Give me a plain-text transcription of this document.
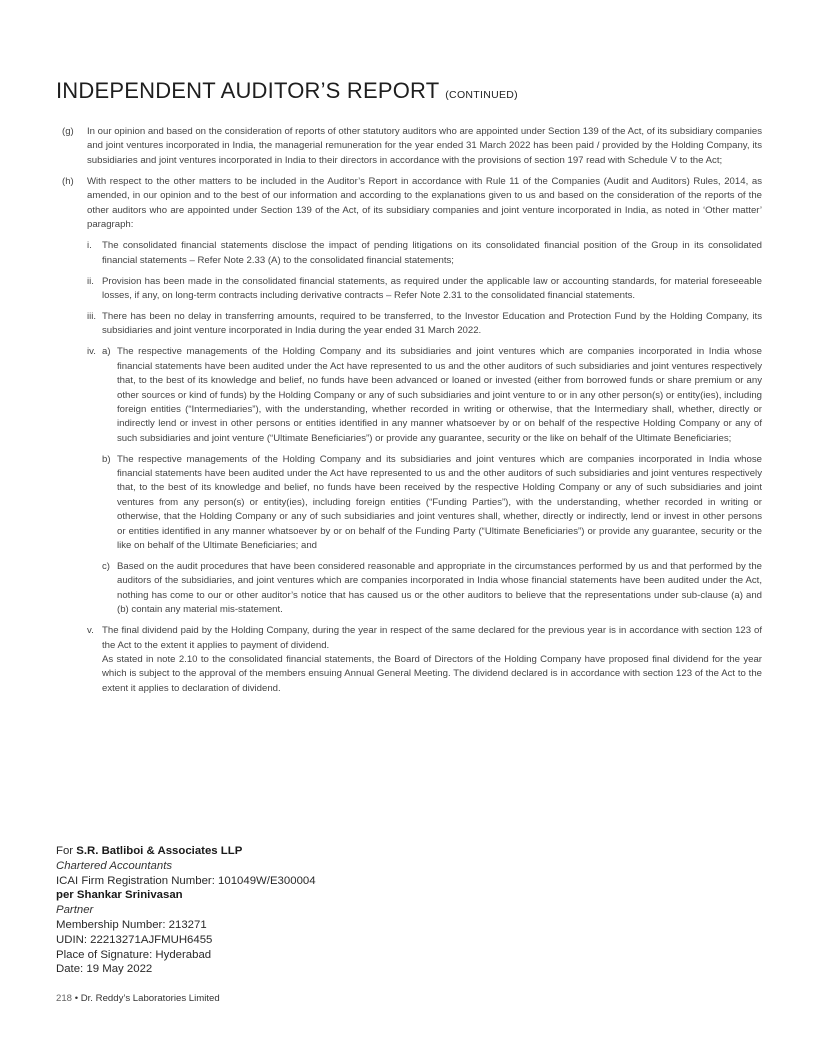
INDEPENDENT AUDITOR’S REPORT (CONTINUED)
(g)	In our opinion and based on the consideration of reports of other statutory auditors who are appointed under Section 139 of the Act, of its subsidiary companies and joint ventures incorporated in India, the managerial remuneration for the year ended 31 March 2022 has been paid / provided by the Holding Company, its subsidiaries and joint ventures incorporated in India to their directors in accordance with the provisions of section 197 read with Schedule V to the Act;

(h)	With respect to the other matters to be included in the Auditor’s Report in accordance with Rule 11 of the Companies (Audit and Auditors) Rules, 2014, as amended, in our opinion and to the best of our information and according to the explanations given to us and based on the consideration of the reports of the other auditors who are appointed under Section 139 of the Act, of its subsidiary companies and joint venture incorporated in India, as noted in ‘Other matter’ paragraph:

i.	The consolidated financial statements disclose the impact of pending litigations on its consolidated financial position of the Group in its consolidated financial statements – Refer Note 2.33 (A) to the consolidated financial statements;

ii. Provision has been made in the consolidated financial statements, as required under the applicable law or accounting standards, for material foreseeable losses, if any, on long-term contracts including derivative contracts – Refer Note 2.31 to the consolidated financial statements.

iii. There has been no delay in transferring amounts, required to be transferred, to the Investor Education and Protection Fund by the Holding Company, its subsidiaries and joint venture incorporated in India during the year ended 31 March 2022.

iv. a) The respective managements of the Holding Company and its subsidiaries and joint ventures which are companies incorporated in India whose financial statements have been audited under the Act have represented to us and the other auditors of such subsidiaries and joint ventures respectively that, to the best of its knowledge and belief, no funds have been advanced or loaned or invested (either from borrowed funds or share premium or any other sources or kind of funds) by the Holding Company or any of such subsidiaries and joint venture to or in any other person(s) or entity(ies), including foreign entities (“Intermediaries”), with the understanding, whether recorded in writing or otherwise, that the Intermediary shall, whether, directly or indirectly lend or invest in other persons or entities identified in any manner whatsoever by or on behalf of the respective Holding Company or any of such subsidiaries and joint venture (“Ultimate Beneficiaries”) or provide any guarantee, security or the like on behalf of the Ultimate Beneficiaries;

b) The respective managements of the Holding Company and its subsidiaries and joint ventures which are companies incorporated in India whose financial statements have been audited under the Act have represented to us and the other auditors of such subsidiaries and joint ventures respectively that, to the best of its knowledge and belief, no funds have been received by the respective Holding Company or any of such subsidiaries and joint ventures from any person(s) or entity(ies), including foreign entities (“Funding Parties”), with the understanding, whether recorded in writing or otherwise, that the Holding Company or any of such subsidiaries and joint ventures shall, whether, directly or indirectly, lend or invest in other persons or entities identified in any manner whatsoever by or on behalf of the Funding Party (“Ultimate Beneficiaries”) or provide any guarantee, security or the like on behalf of the Ultimate Beneficiaries; and

c) Based on the audit procedures that have been considered reasonable and appropriate in the circumstances performed by us and that performed by the auditors of the subsidiaries, and joint ventures which are companies incorporated in India whose financial statements have been audited under the Act, nothing has come to our or other auditor’s notice that has caused us or the other auditors to believe that the representations under sub-clause (a) and (b) contain any material mis-statement.

v. The final dividend paid by the Holding Company, during the year in respect of the same declared for the previous year is in accordance with section 123 of the Act to the extent it applies to payment of dividend.

As stated in note 2.10 to the consolidated financial statements, the Board of Directors of the Holding Company have proposed final dividend for the year which is subject to the approval of the members ensuing Annual General Meeting. The dividend declared is in accordance with section 123 of the Act to the extent it applies to declaration of dividend.

For S.R. Batliboi & Associates LLP
Chartered Accountants
ICAI Firm Registration Number: 101049W/E300004
per Shankar Srinivasan
Partner
Membership Number: 213271
UDIN: 22213271AJFMUH6455
Place of Signature: Hyderabad
Date: 19 May 2022
218 • Dr. Reddy’s Laboratories Limited
